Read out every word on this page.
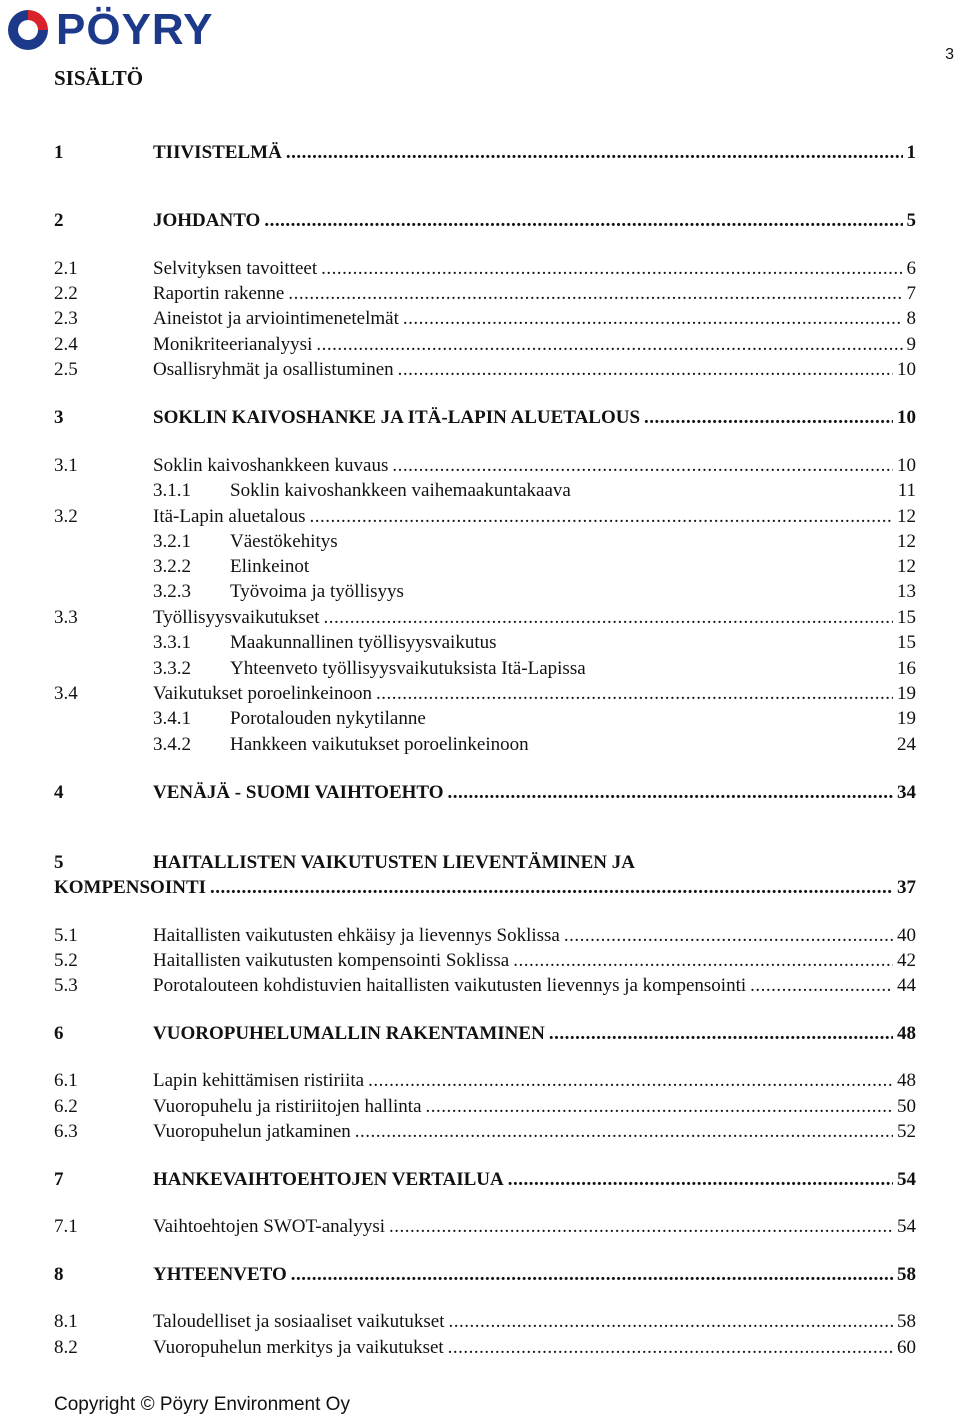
PÖYRY
3
SISÄLTÖ
1	TIIVISTELMÄ .....	1
2	JOHDANTO .....	5
2.1	Selvityksen tavoitteet .....	6
2.2	Raportin rakenne .....	7
2.3	Aineistot ja arviointimenetelmät .....	8
2.4	Monikriteerianalyysi .....	9
2.5	Osallisryhmät ja osallistuminen .....	10
3	SOKLIN KAIVOSHANKE JA ITÄ-LAPIN ALUETALOUS .....	10
3.1	Soklin kaivoshankkeen kuvaus .....	10
3.1.1	Soklin kaivoshankkeen vaihemaakuntakaava	11
3.2	Itä-Lapin aluetalous .....	12
3.2.1	Väestökehitys	12
3.2.2	Elinkeinot	12
3.2.3	Työvoima ja työllisyys	13
3.3	Työllisyysvaikutukset .....	15
3.3.1	Maakunnallinen työllisyysvaikutus	15
3.3.2	Yhteenveto työllisyysvaikutuksista Itä-Lapissa	16
3.4	Vaikutukset poroelinkeinoon .....	19
3.4.1	Porotalouden nykytilanne	19
3.4.2	Hankkeen vaikutukset poroelinkeinoon	24
4	VENÄJÄ - SUOMI VAIHTOEHTO .....	34
5	HAITALLISTEN VAIKUTUSTEN LIEVENTÄMINEN JA
KOMPENSOINTI .....	37
5.1	Haitallisten vaikutusten ehkäisy ja lievennys Soklissa .....	40
5.2	Haitallisten vaikutusten kompensointi Soklissa .....	42
5.3	Porotalouteen kohdistuvien haitallisten vaikutusten lievennys ja kompensointi .....	44
6	VUOROPUHELUMALLIN RAKENTAMINEN .....	48
6.1	Lapin kehittämisen ristiriita .....	48
6.2	Vuoropuhelu ja ristiriitojen hallinta .....	50
6.3	Vuoropuhelun jatkaminen .....	52
7	HANKEVAIHTOEHTOJEN VERTAILUA .....	54
7.1	Vaihtoehtojen SWOT-analyysi .....	54
8	YHTEENVETO .....	58
8.1	Taloudelliset ja sosiaaliset vaikutukset .....	58
8.2	Vuoropuhelun merkitys ja vaikutukset .....	60
Copyright © Pöyry Environment Oy
